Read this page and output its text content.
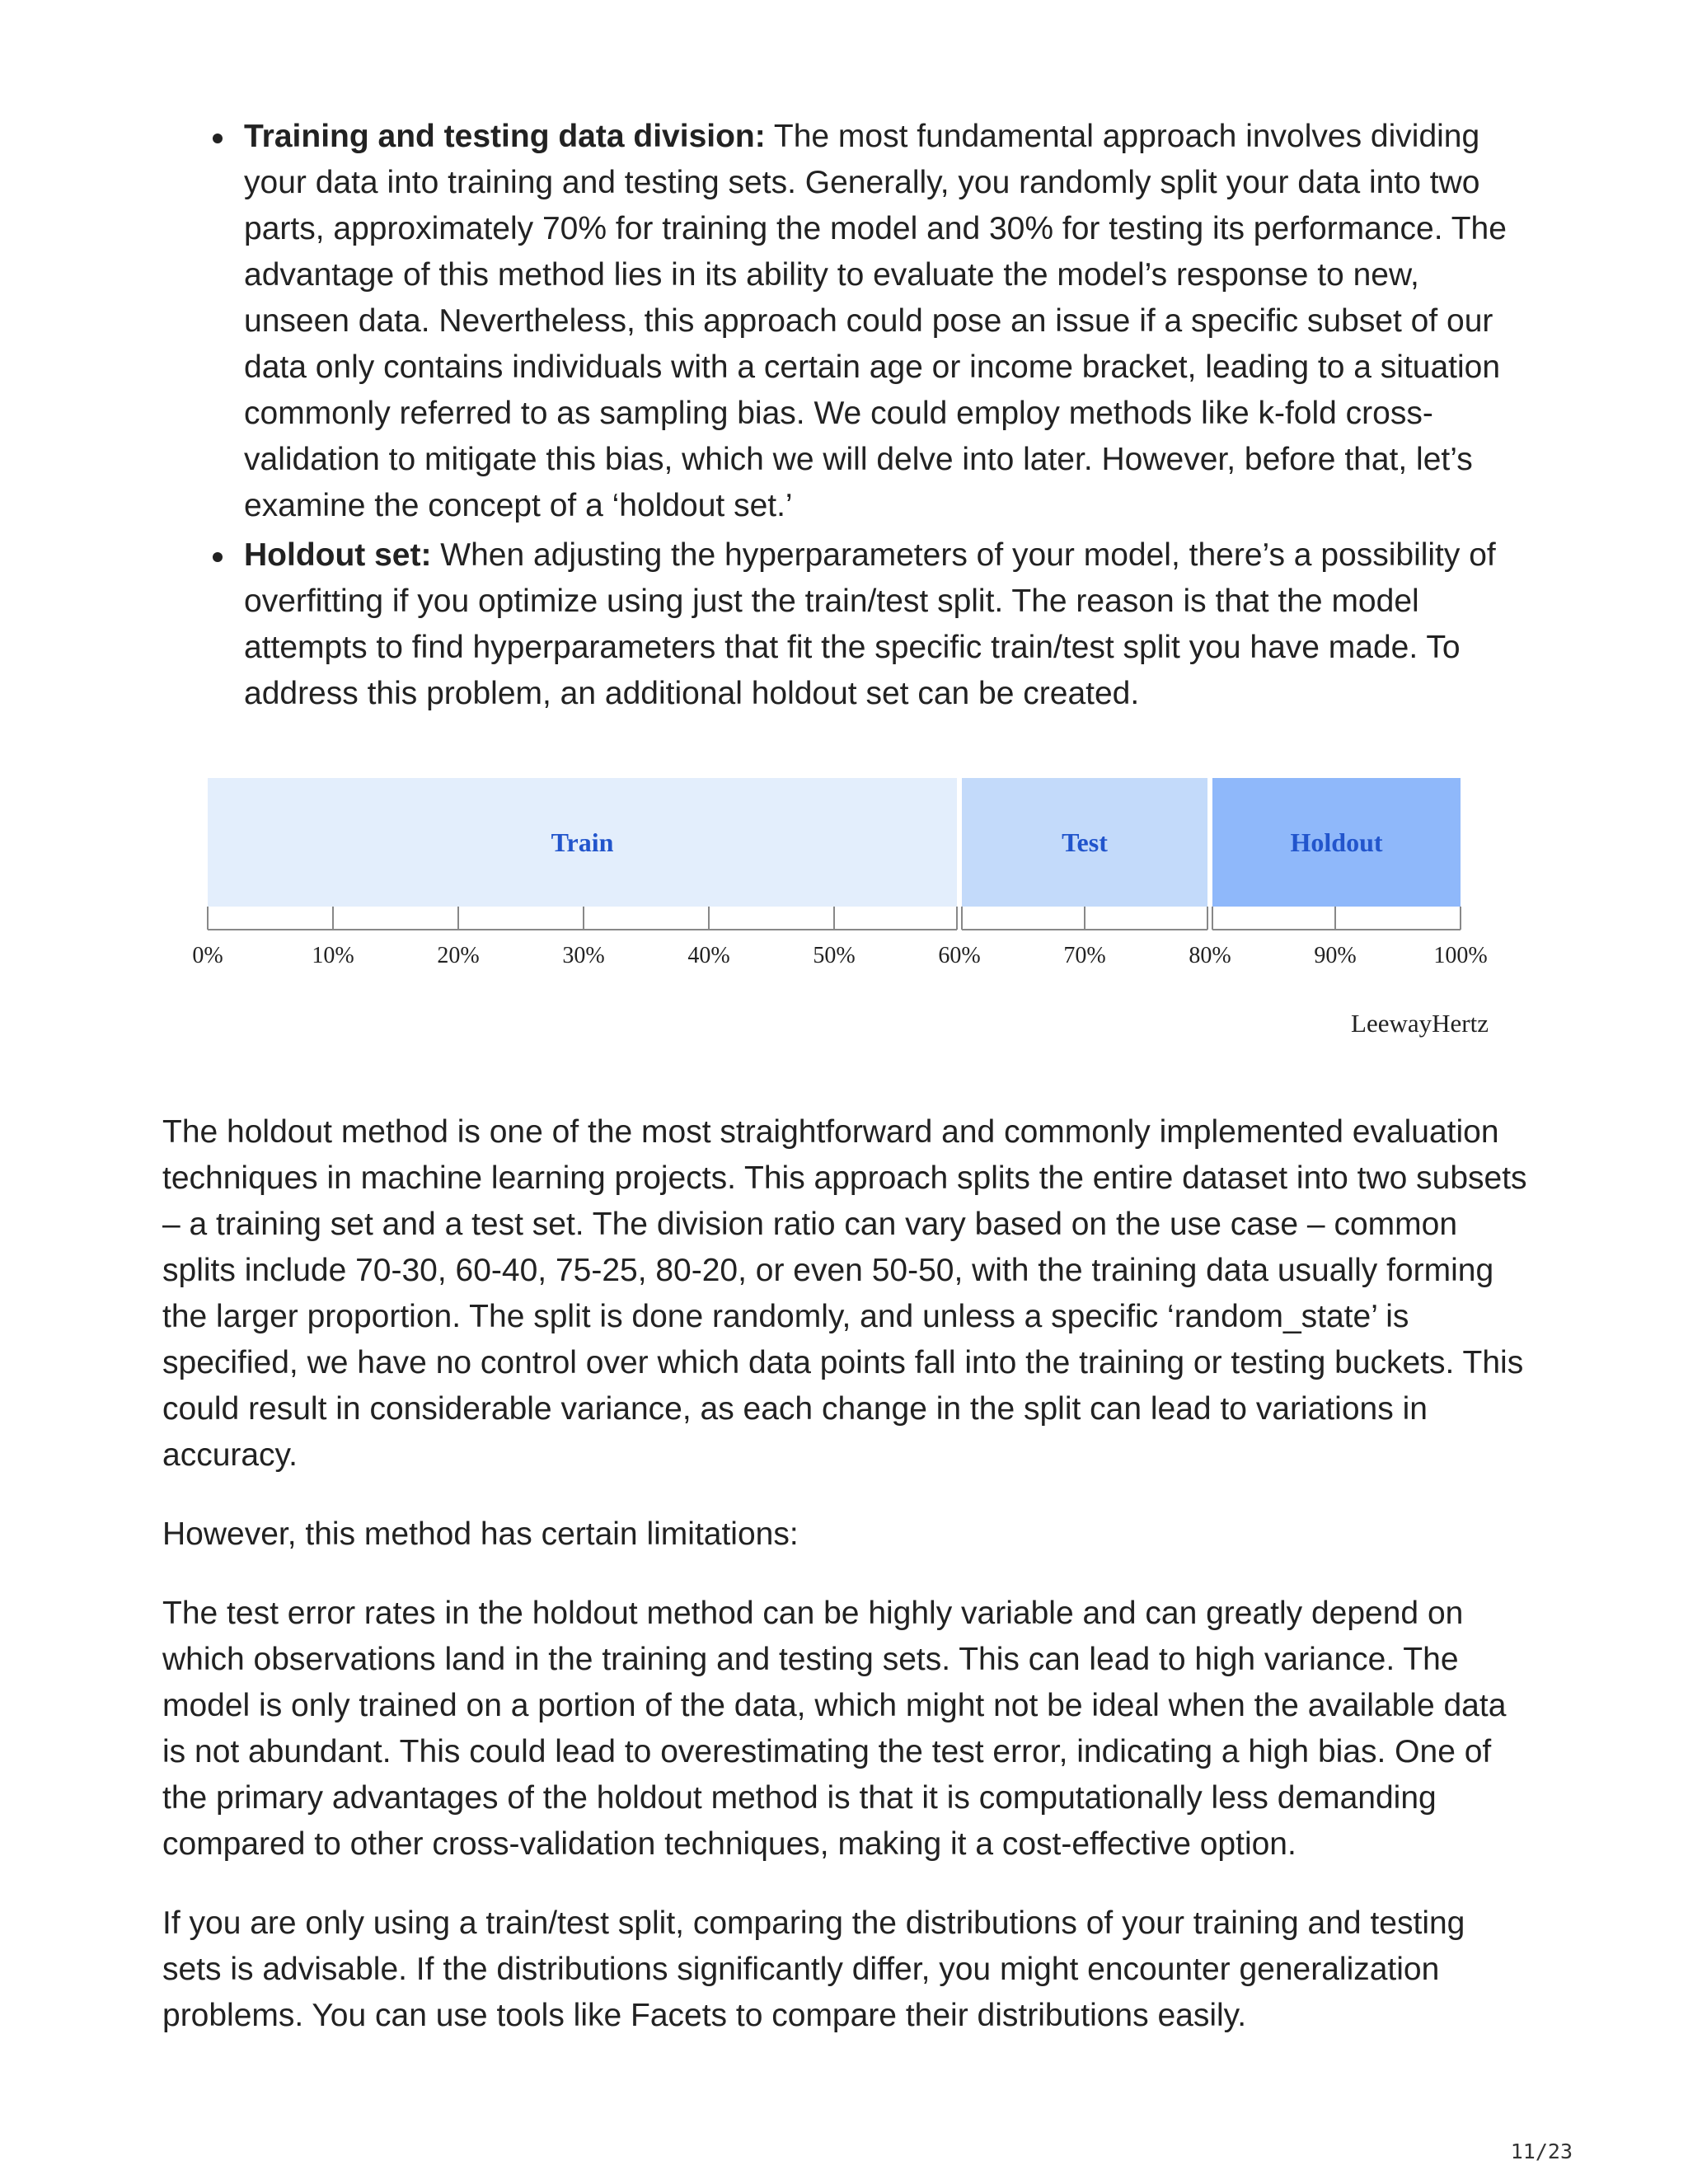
Training and testing data division: The most fundamental approach involves dividing your data into training and testing sets. Generally, you randomly split your data into two parts, approximately 70% for training the model and 30% for testing its performance. The advantage of this method lies in its ability to evaluate the model’s response to new, unseen data. Nevertheless, this approach could pose an issue if a specific subset of our data only contains individuals with a certain age or income bracket, leading to a situation commonly referred to as sampling bias. We could employ methods like k-fold cross-validation to mitigate this bias, which we will delve into later. However, before that, let’s examine the concept of a ‘holdout set.’
Holdout set: When adjusting the hyperparameters of your model, there’s a possibility of overfitting if you optimize using just the train/test split. The reason is that the model attempts to find hyperparameters that fit the specific train/test split you have made. To address this problem, an additional holdout set can be created.
Train	Test	Holdout
0%	10%	20%	30%	40%	50%	60%	70%	80%	90%	100%
LeewayHertz

The holdout method is one of the most straightforward and commonly implemented evaluation techniques in machine learning projects. This approach splits the entire dataset into two subsets – a training set and a test set. The division ratio can vary based on the use case – common splits include 70-30, 60-40, 75-25, 80-20, or even 50-50, with the training data usually forming the larger proportion. The split is done randomly, and unless a specific ‘random_state’ is specified, we have no control over which data points fall into the training or testing buckets. This could result in considerable variance, as each change in the split can lead to variations in accuracy.

However, this method has certain limitations:

The test error rates in the holdout method can be highly variable and can greatly depend on which observations land in the training and testing sets. This can lead to high variance. The model is only trained on a portion of the data, which might not be ideal when the available data is not abundant. This could lead to overestimating the test error, indicating a high bias. One of the primary advantages of the holdout method is that it is computationally less demanding compared to other cross-validation techniques, making it a cost-effective option.

If you are only using a train/test split, comparing the distributions of your training and testing sets is advisable. If the distributions significantly differ, you might encounter generalization problems. You can use tools like Facets to compare their distributions easily.

11/23
